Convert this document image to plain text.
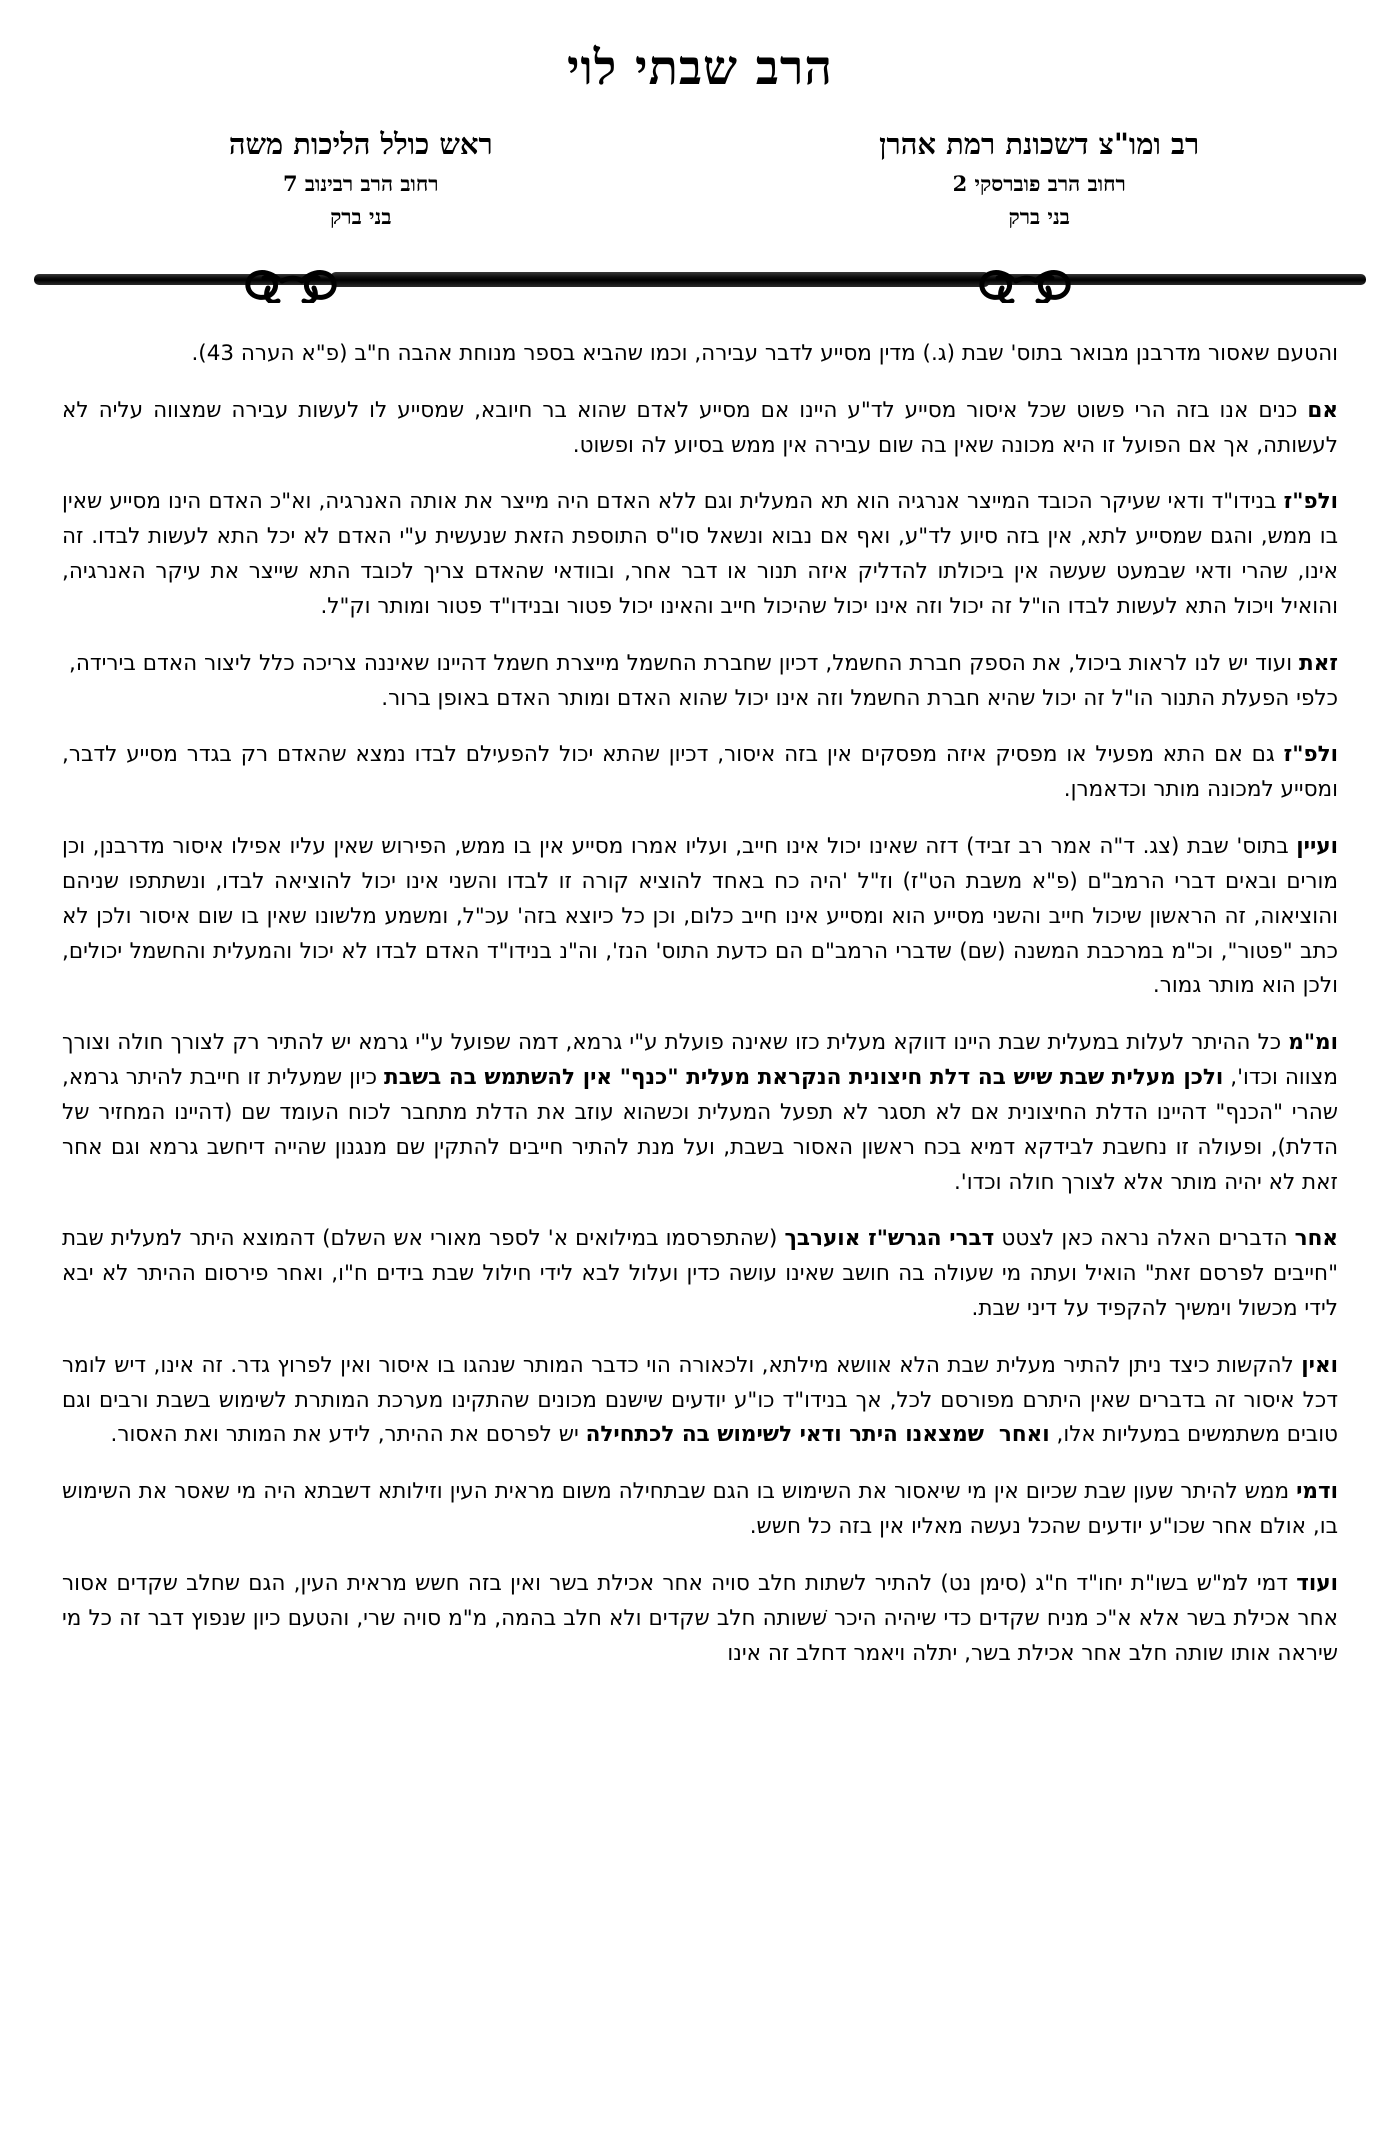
הרב שבתי לוי
רב ומו"צ דשכונת רמת אהרן
רחוב הרב פוברסקי 2
בני ברק
ראש כולל הליכות משה
רחוב הרב רבינוב 7
בני ברק

והטעם שאסור מדרבנן מבואר בתוס' שבת (ג.) מדין מסייע לדבר עבירה, וכמו שהביא בספר מנוחת אהבה ח"ב (פ"א הערה 43).

אם כנים אנו בזה הרי פשוט שכל איסור מסייע לד"ע היינו אם מסייע לאדם שהוא בר חיובא, שמסייע לו לעשות עבירה שמצווה עליה לא לעשותה, אך אם הפועל זו היא מכונה שאין בה שום עבירה אין ממש בסיוע לה ופשוט.

ולפ"ז בנידו"ד ודאי שעיקר הכובד המייצר אנרגיה הוא תא המעלית וגם ללא האדם היה מייצר את אותה האנרגיה, וא"כ האדם הינו מסייע שאין בו ממש, והגם שמסייע לתא, אין בזה סיוע לד"ע, ואף אם נבוא ונשאל סו"ס התוספת הזאת שנעשית ע"י האדם לא יכל התא לעשות לבדו. זה אינו, שהרי ודאי שבמעט שעשה אין ביכולתו להדליק איזה תנור או דבר אחר, ובוודאי שהאדם צריך לכובד התא שייצר את עיקר האנרגיה, והואיל ויכול התא לעשות לבדו הו"ל זה יכול וזה אינו יכול שהיכול חייב והאינו יכול פטור ובנידו"ד פטור ומותר וק"ל.

זאת ועוד יש לנו לראות ביכול, את הספק חברת החשמל, דכיון שחברת החשמל מייצרת חשמל דהיינו שאיננה צריכה כלל ליצור האדם בירידה,  כלפי הפעלת התנור הו"ל זה יכול שהיא חברת החשמל וזה אינו יכול שהוא האדם ומותר האדם באופן ברור.

ולפ"ז גם אם התא מפעיל או מפסיק איזה מפסקים אין בזה איסור, דכיון שהתא יכול להפעילם לבדו נמצא שהאדם רק בגדר מסייע לדבר, ומסייע למכונה מותר וכדאמרן.

ועיין בתוס' שבת (צג. ד"ה אמר רב זביד) דזה שאינו יכול אינו חייב, ועליו אמרו מסייע אין בו ממש, הפירוש שאין עליו אפילו איסור מדרבנן, וכן מורים ובאים דברי הרמב"ם (פ"א משבת הט"ז) וז"ל 'היה כח באחד להוציא קורה זו לבדו והשני אינו יכול להוציאה לבדו, ונשתתפו שניהם והוציאוה, זה הראשון שיכול חייב והשני מסייע הוא ומסייע אינו חייב כלום, וכן כל כיוצא בזה' עכ"ל, ומשמע מלשונו שאין בו שום איסור ולכן לא כתב "פטור", וכ"מ במרכבת המשנה (שם) שדברי הרמב"ם הם כדעת התוס' הנז', וה"נ בנידו"ד האדם לבדו לא יכול והמעלית והחשמל יכולים, ולכן הוא מותר גמור.

ומ"מ כל ההיתר לעלות במעלית שבת היינו דווקא מעלית כזו שאינה פועלת ע"י גרמא, דמה שפועל ע"י גרמא יש להתיר רק לצורך חולה וצורך מצווה וכדו', ולכן מעלית שבת שיש בה דלת חיצונית הנקראת מעלית "כנף" אין להשתמש בה בשבת כיון שמעלית זו חייבת להיתר גרמא, שהרי "הכנף" דהיינו הדלת החיצונית אם לא תסגר לא תפעל המעלית וכשהוא עוזב את הדלת מתחבר לכוח העומד שם (דהיינו המחזיר של הדלת), ופעולה זו נחשבת לבידקא דמיא בכח ראשון האסור בשבת, ועל מנת להתיר חייבים להתקין שם מנגנון שהייה דיחשב גרמא וגם אחר זאת לא יהיה מותר אלא לצורך חולה וכדו'.

אחר הדברים האלה נראה כאן לצטט דברי הגרש"ז אוערבך (שהתפרסמו במילואים א' לספר מאורי אש השלם) דהמוצא היתר למעלית שבת "חייבים לפרסם זאת" הואיל ועתה מי שעולה בה חושב שאינו עושה כדין ועלול לבא לידי חילול שבת בידים ח"ו, ואחר פירסום ההיתר לא יבא לידי מכשול וימשיך להקפיד על דיני שבת.

ואין להקשות כיצד ניתן להתיר מעלית שבת הלא אוושא מילתא, ולכאורה הוי כדבר המותר שנהגו בו איסור ואין לפרוץ גדר. זה אינו, דיש לומר דכל איסור זה בדברים שאין היתרם מפורסם לכל, אך בנידו"ד כו"ע יודעים שישנם מכונים שהתקינו מערכת המותרת לשימוש בשבת ורבים וגם טובים משתמשים במעליות אלו, ואחר  שמצאנו היתר ודאי לשימוש בה לכתחילה יש לפרסם את ההיתר, לידע את המותר ואת האסור.

ודמי ממש להיתר שעון שבת שכיום אין מי שיאסור את השימוש בו הגם שבתחילה משום מראית העין וזילותא דשבתא היה מי שאסר את השימוש בו, אולם אחר שכו"ע יודעים שהכל נעשה מאליו אין בזה כל חשש.

ועוד דמי למ"ש בשו"ת יחו"ד ח"ג (סימן נט) להתיר לשתות חלב סויה אחר אכילת בשר ואין בזה חשש מראית העין, הגם שחלב שקדים אסור אחר אכילת בשר אלא א"כ מניח שקדים כדי שיהיה היכר שׁשותה חלב שקדים ולא חלב בהמה, מ"מ סויה שרי, והטעם כיון שנפוץ דבר זה כל מי שיראה אותו שותה חלב אחר אכילת בשר, יתלה ויאמר דחלב זה אינו
